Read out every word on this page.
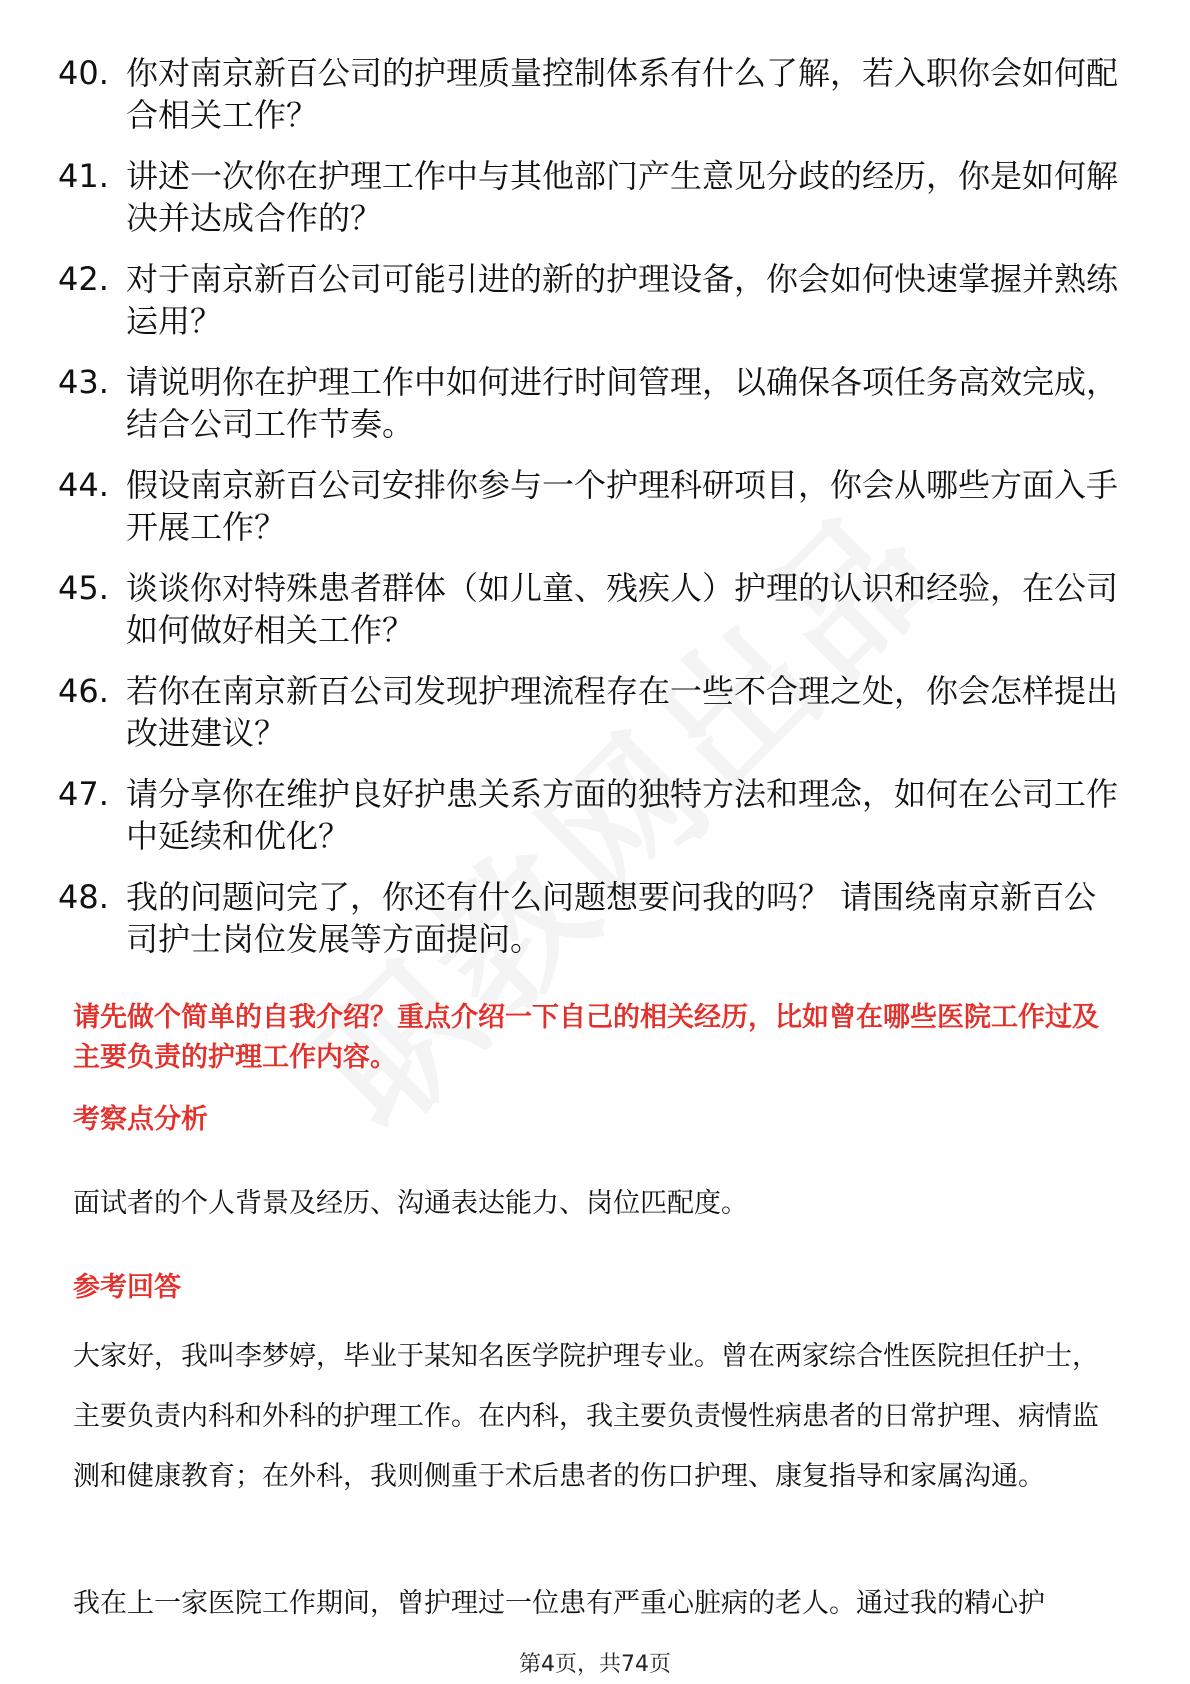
40. 你对南京新百公司的护理质量控制体系有什么了解，若入职你会如何配合相关工作？
41. 讲述一次你在护理工作中与其他部门产生意见分歧的经历，你是如何解决并达成合作的？
42. 对于南京新百公司可能引进的新的护理设备，你会如何快速掌握并熟练运用？
43. 请说明你在护理工作中如何进行时间管理，以确保各项任务高效完成，结合公司工作节奏。
44. 假设南京新百公司安排你参与一个护理科研项目，你会从哪些方面入手开展工作？
45. 谈谈你对特殊患者群体（如儿童、残疾人）护理的认识和经验，在公司如何做好相关工作？
46. 若你在南京新百公司发现护理流程存在一些不合理之处，你会怎样提出改进建议？
47. 请分享你在维护良好护患关系方面的独特方法和理念，如何在公司工作中延续和优化？
48. 我的问题问完了，你还有什么问题想要问我的吗？ 请围绕南京新百公司护士岗位发展等方面提问。

请先做个简单的自我介绍？重点介绍一下自己的相关经历，比如曾在哪些医院工作过及主要负责的护理工作内容。

考察点分析

面试者的个人背景及经历、沟通表达能力、岗位匹配度。

参考回答

大家好，我叫李梦婷，毕业于某知名医学院护理专业。曾在两家综合性医院担任护士，主要负责内科和外科的护理工作。在内科，我主要负责慢性病患者的日常护理、病情监测和健康教育；在外科，我则侧重于术后患者的伤口护理、康复指导和家属沟通。

我在上一家医院工作期间，曾护理过一位患有严重心脏病的老人。通过我的精心护

第4页，共74页
